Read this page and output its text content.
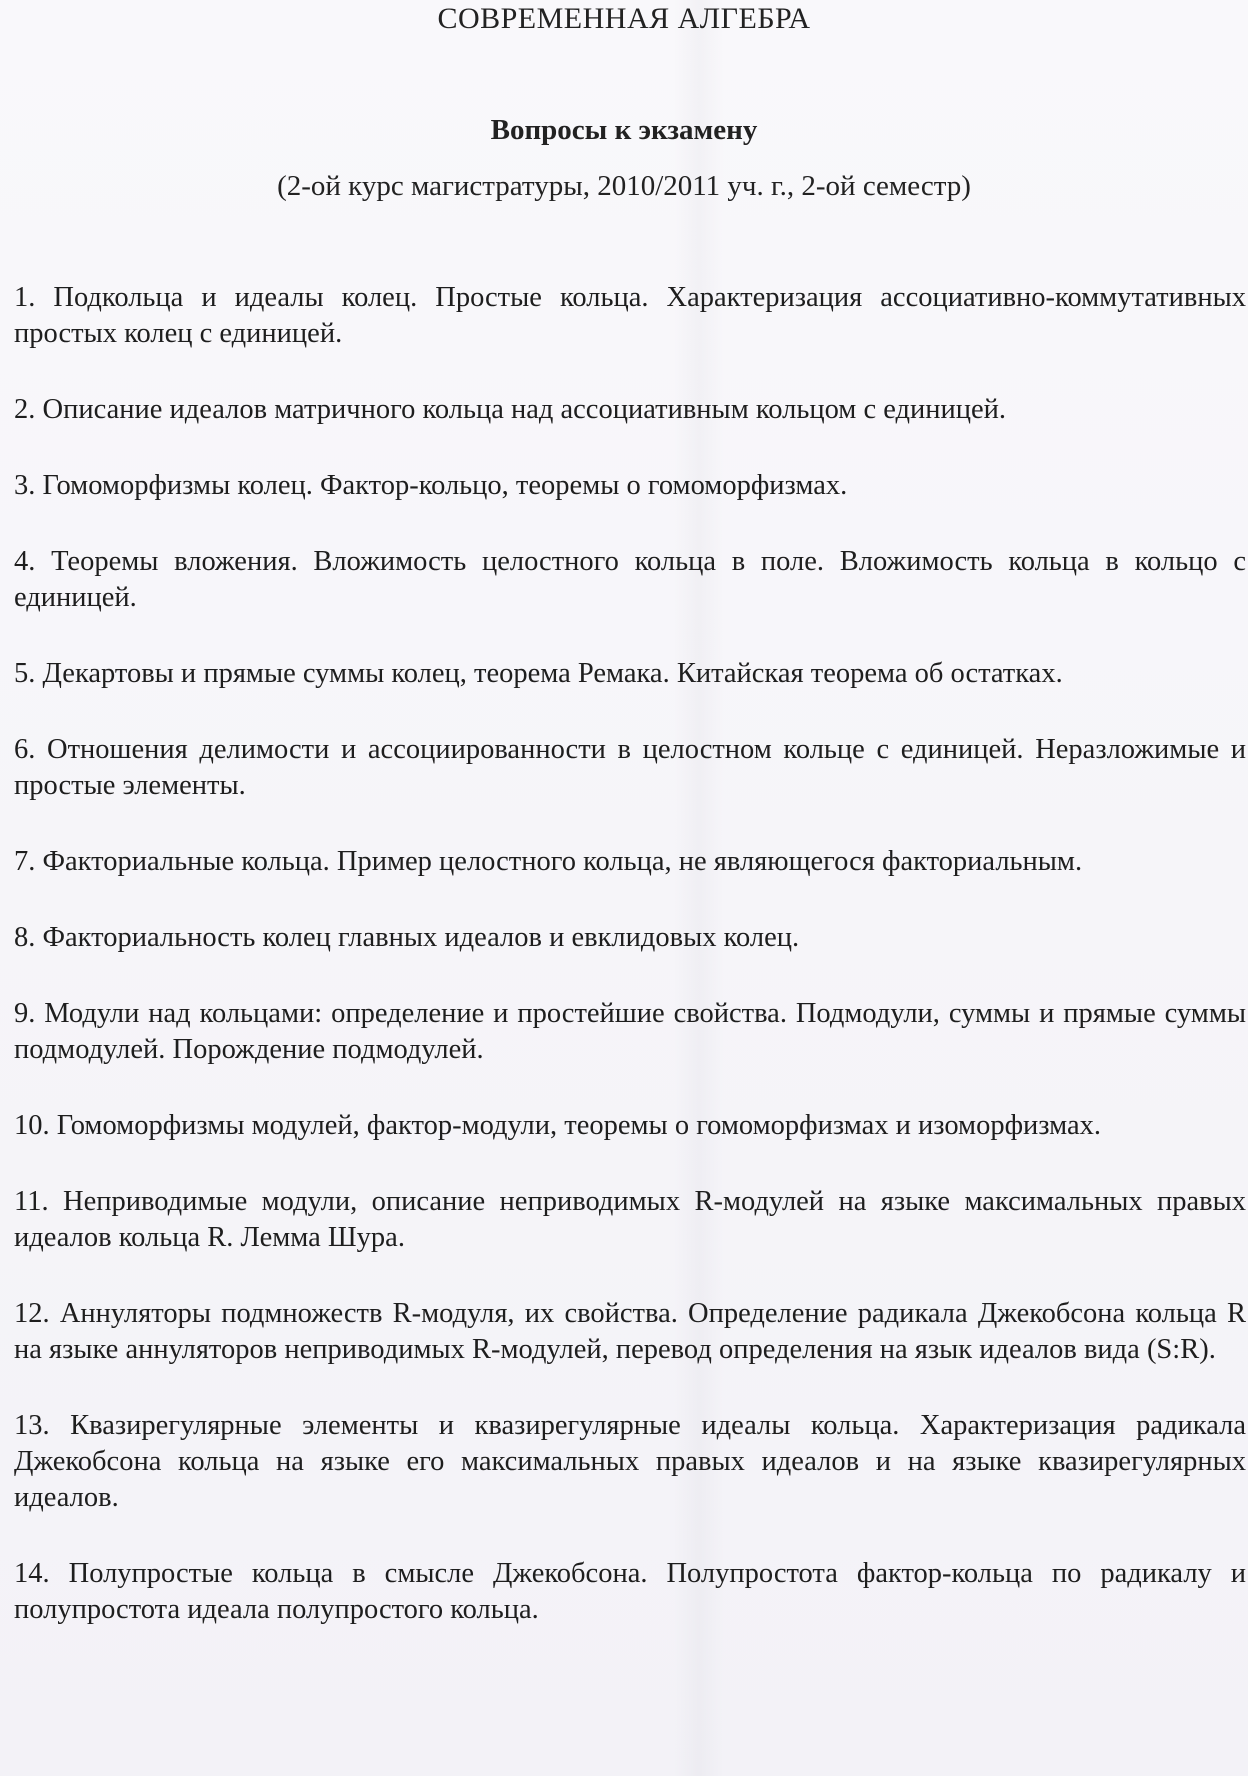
СОВРЕМЕННАЯ АЛГЕБРА
Вопросы к экзамену
(2-ой курс магистратуры, 2010/2011 уч. г., 2-ой семестр)
1. Подкольца и идеалы колец. Простые кольца. Характеризация ассоциативно-коммутативных простых колец с единицей.
2. Описание идеалов матричного кольца над ассоциативным кольцом с единицей.
3. Гомоморфизмы колец. Фактор-кольцо, теоремы о гомоморфизмах.
4. Теоремы вложения. Вложимость целостного кольца в поле. Вложимость кольца в кольцо с единицей.
5. Декартовы и прямые суммы колец, теорема Ремака. Китайская теорема об остатках.
6. Отношения делимости и ассоциированности в целостном кольце с единицей. Неразложимые и простые элементы.
7. Факториальные кольца. Пример целостного кольца, не являющегося факториальным.
8. Факториальность колец главных идеалов и евклидовых колец.
9. Модули над кольцами: определение и простейшие свойства. Подмодули, суммы и прямые суммы подмодулей. Порождение подмодулей.
10. Гомоморфизмы модулей, фактор-модули, теоремы о гомоморфизмах и изоморфизмах.
11. Неприводимые модули, описание неприводимых R-модулей на языке максимальных правых идеалов кольца R. Лемма Шура.
12. Аннуляторы подмножеств R-модуля, их свойства. Определение радикала Джекобсона кольца R на языке аннуляторов неприводимых R-модулей, перевод определения на язык идеалов вида (S:R).
13. Квазирегулярные элементы и квазирегулярные идеалы кольца. Характеризация радикала Джекобсона кольца на языке его максимальных правых идеалов и на языке квазирегулярных идеалов.
14. Полупростые кольца в смысле Джекобсона. Полупростота фактор-кольца по радикалу и полупростота идеала полупростого кольца.
